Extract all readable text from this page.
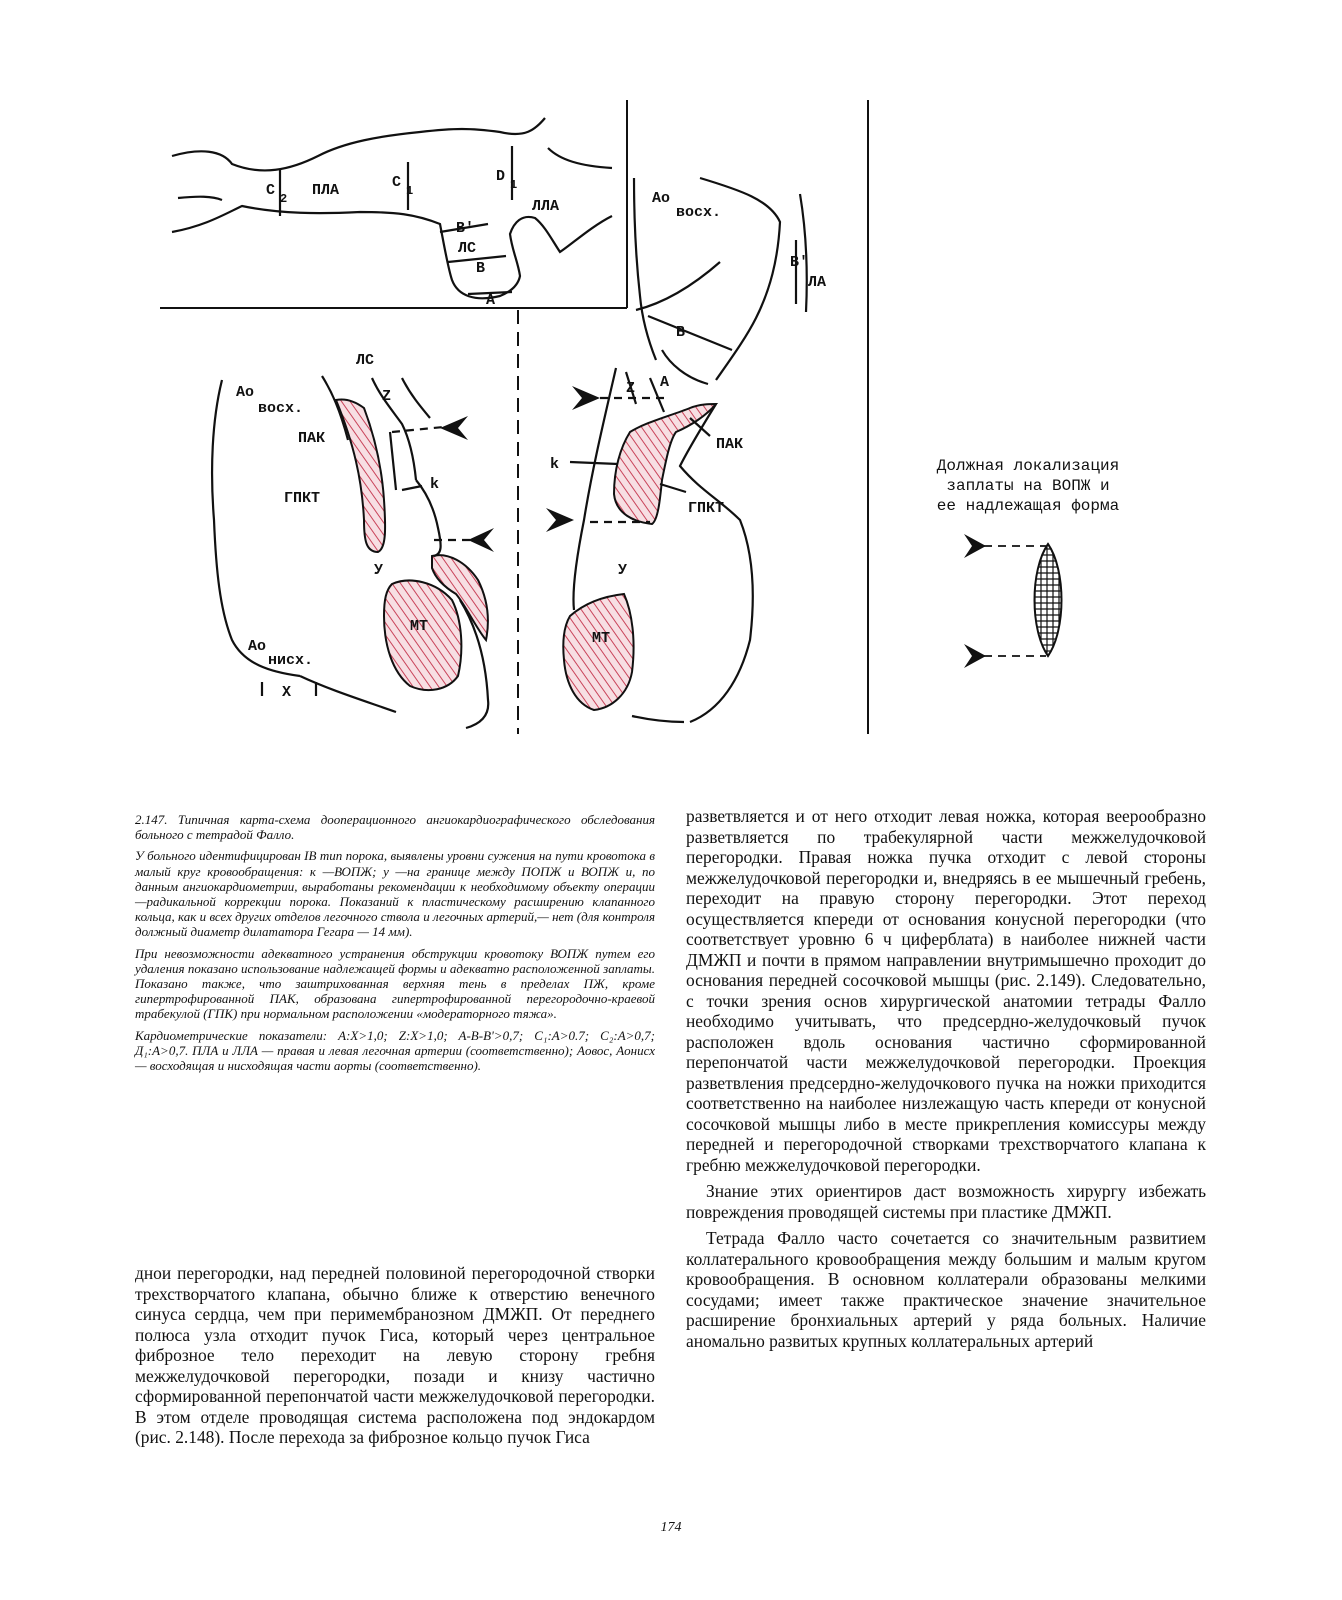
C 2 ПЛА	C 1
D 1
ЛЛА
B'
ЛС
B
A
Ao
восх.
B'
ЛА
B
ЛС
Ao
восх.
Z
ПАК
k
ГПКТ
У
МТ
Ao
нисх.
X
Z A
ПАК
k
ГПКТ
У
МТ
Должная локализация
заплаты на ВОПЖ и
ее надлежащая форма

2.147. Типичная карта-схема дооперационного ангиокардиографического обследования больного с тетрадой Фалло.

У больного идентифицирован IB тип порока, выявлены уровни сужения на пути кровотока в малый круг кровообращения: к —ВОПЖ; у —на границе между ПОПЖ и ВОПЖ и, по данным ангиокардиометрии, выработаны рекомендации к необходимому объекту операции—радикальной коррекции порока. Показаний к пластическому расширению клапанного кольца, как и всех других отделов легочного ствола и легочных артерий,— нет (для контроля должный диаметр дилататора Гегара — 14 мм).

При невозможности адекватного устранения обструкции кровотоку ВОПЖ путем его удаления показано использование надлежащей формы и адекватно расположенной заплаты. Показано также, что заштрихованная верхняя тень в пределах ПЖ, кроме гипертрофированной ПАК, образована гипертрофированной перегородочно-краевой трабекулой (ГПК) при нормальном расположении «модераторного тяжа».

Кардиометрические показатели: A:X>1,0; Z:X>1,0; A-B-B'>0,7; C₁:A>0.7; C₂:A>0,7; Д₁:A>0,7. ПЛА и ЛЛА — правая и левая легочная артерии (соответственно); Aoвос, Aoнисх— восходящая и нисходящая части аорты (соответственно).

днои перегородки, над передней половиной перегородочной створки трехстворчатого клапана, обычно ближе к отверстию венечного синуса сердца, чем при перимембранозном ДМЖП. От переднего полюса узла отходит пучок Гиса, который через центральное фиброзное тело переходит на левую сторону гребня межжелудочковой перегородки, позади и книзу частично сформированной перепончатой части межжелудочковой перегородки. В этом отделе проводящая система расположена под эндокардом (рис. 2.148). После перехода за фиброзное кольцо пучок Гиса

разветвляется и от него отходит левая ножка, которая веерообразно разветвляется по трабекулярной части межжелудочковой перегородки. Правая ножка пучка отходит с левой стороны межжелудочковой перегородки и, внедряясь в ее мышечный гребень, переходит на правую сторону перегородки. Этот переход осуществляется кпереди от основания конусной перегородки (что соответствует уровню 6 ч циферблата) в наиболее нижней части ДМЖП и почти в прямом направлении внутримышечно проходит до основания передней сосочковой мышцы (рис. 2.149). Следовательно, с точки зрения основ хирургической анатомии тетрады Фалло необходимо учитывать, что предсердно-желудочковый пучок расположен вдоль основания частично сформированной перепончатой части межжелудочковой перегородки. Проекция разветвления предсердно-желудочкового пучка на ножки приходится соответственно на наиболее низлежащую часть кпереди от конусной сосочковой мышцы либо в месте прикрепления комиссуры между передней и перегородочной створками трехстворчатого клапана к гребню межжелудочковой перегородки.

Знание этих ориентиров даст возможность хирургу избежать повреждения проводящей системы при пластике ДМЖП.

Тетрада Фалло часто сочетается со значительным развитием коллатерального кровообращения между большим и малым кругом кровообращения. В основном коллатерали образованы мелкими сосудами; имеет также практическое значение значительное расширение бронхиальных артерий у ряда больных. Наличие аномально развитых крупных коллатеральных артерий

174
